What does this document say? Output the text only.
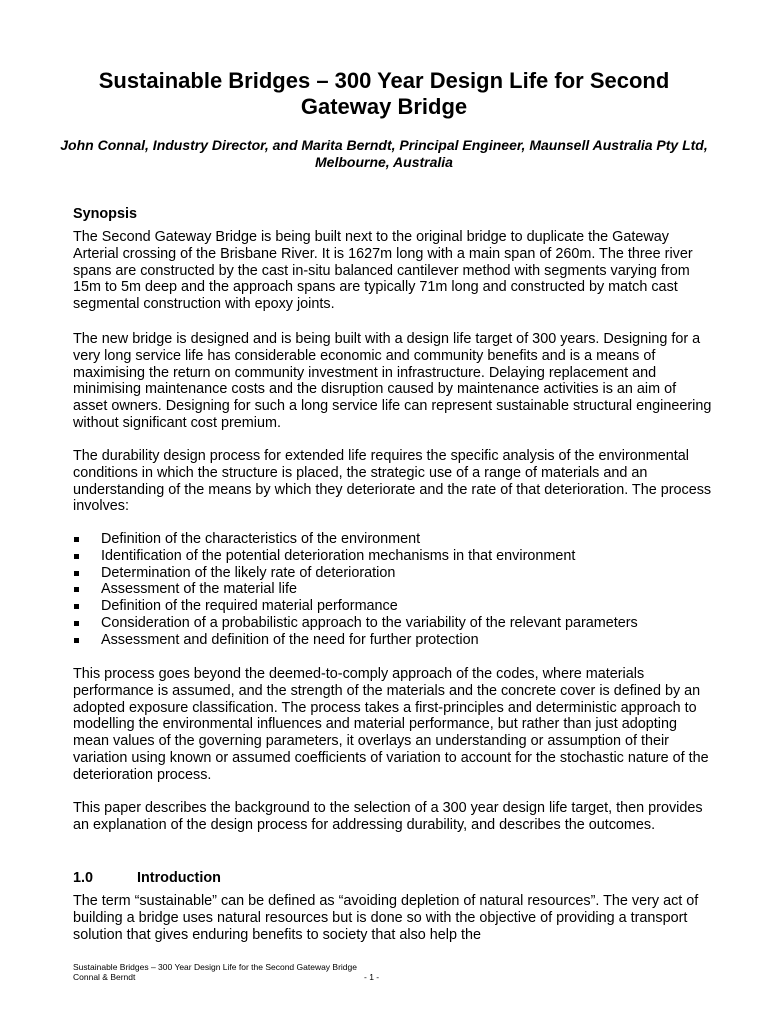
Sustainable Bridges – 300 Year Design Life for Second Gateway Bridge
John Connal, Industry Director, and Marita Berndt, Principal Engineer, Maunsell Australia Pty Ltd, Melbourne, Australia
Synopsis

The Second Gateway Bridge is being built next to the original bridge to duplicate the Gateway Arterial crossing of the Brisbane River. It is 1627m long with a main span of 260m. The three river spans are constructed by the cast in-situ balanced cantilever method with segments varying from 15m to 5m deep and the approach spans are typically 71m long and constructed by match cast segmental construction with epoxy joints.

The new bridge is designed and is being built with a design life target of 300 years. Designing for a very long service life has considerable economic and community benefits and is a means of maximising the return on community investment in infrastructure. Delaying replacement and minimising maintenance costs and the disruption caused by maintenance activities is an aim of asset owners. Designing for such a long service life can represent sustainable structural engineering without significant cost premium.

The durability design process for extended life requires the specific analysis of the environmental conditions in which the structure is placed, the strategic use of a range of materials and an understanding of the means by which they deteriorate and the rate of that deterioration. The process involves:

Definition of the characteristics of the environment
Identification of the potential deterioration mechanisms in that environment
Determination of the likely rate of deterioration
Assessment of the material life
Definition of the required material performance
Consideration of a probabilistic approach to the variability of the relevant parameters
Assessment and definition of the need for further protection

This process goes beyond the deemed-to-comply approach of the codes, where materials performance is assumed, and the strength of the materials and the concrete cover is defined by an adopted exposure classification. The process takes a first-principles and deterministic approach to modelling the environmental influences and material performance, but rather than just adopting mean values of the governing parameters, it overlays an understanding or assumption of their variation using known or assumed coefficients of variation to account for the stochastic nature of the deterioration process.

This paper describes the background to the selection of a 300 year design life target, then provides an explanation of the design process for addressing durability, and describes the outcomes.

1.0	Introduction

The term “sustainable” can be defined as “avoiding depletion of natural resources”. The very act of building a bridge uses natural resources but is done so with the objective of providing a transport solution that gives enduring benefits to society that also help the

Sustainable Bridges – 300 Year Design Life for the Second Gateway Bridge
Connal & Berndt	- 1 -
